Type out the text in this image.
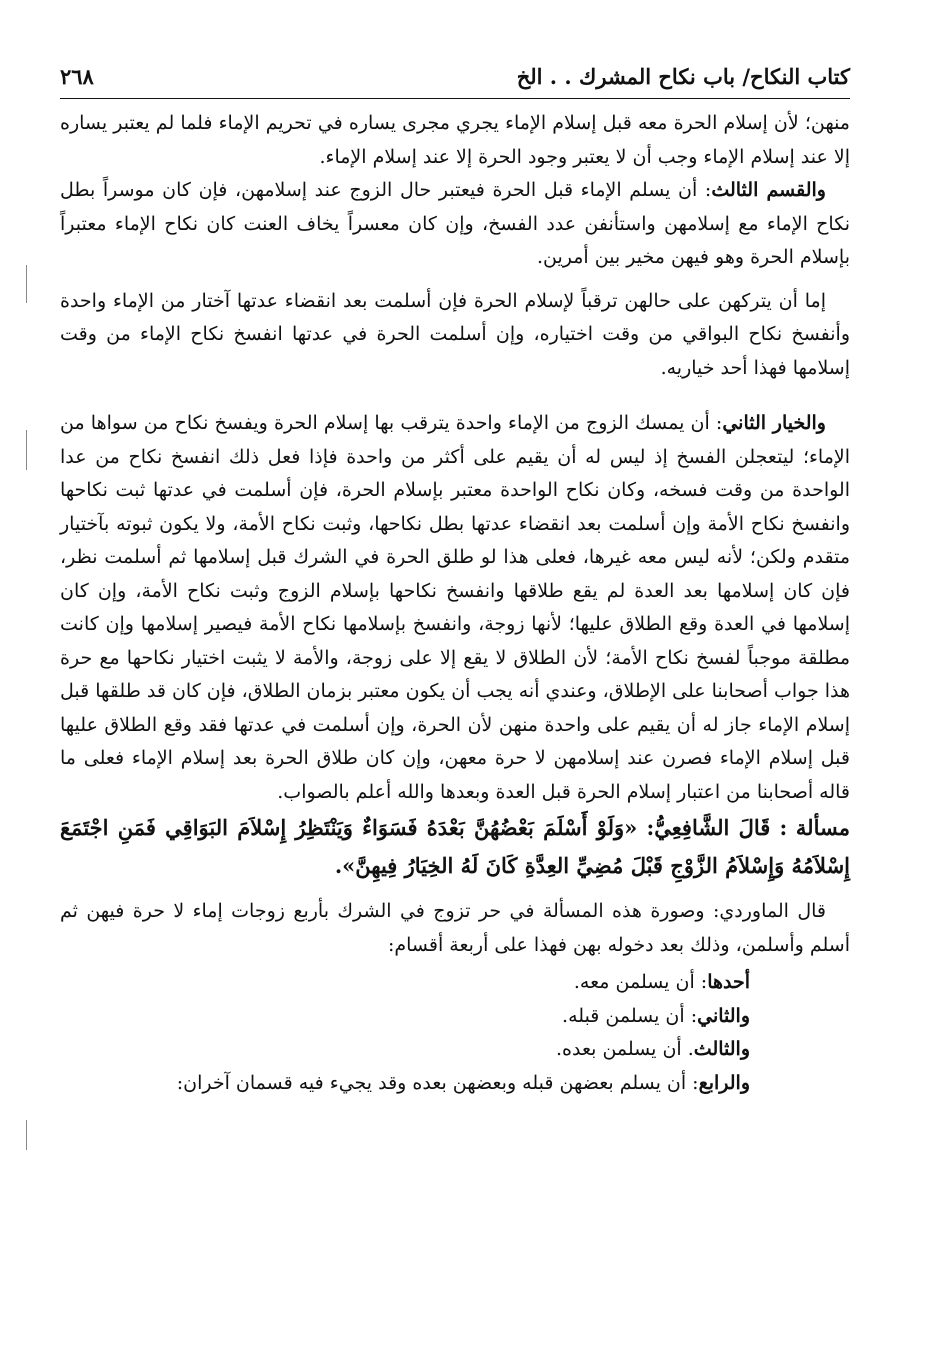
كتاب النكاح/ باب نكاح المشرك . . الخ
٢٦٨

منهن؛ لأن إسلام الحرة معه قبل إسلام الإماء يجري مجرى يساره في تحريم الإماء فلما لم يعتبر يساره إلا عند إسلام الإماء وجب أن لا يعتبر وجود الحرة إلا عند إسلام الإماء.

والقسم الثالث: أن يسلم الإماء قبل الحرة فيعتبر حال الزوج عند إسلامهن، فإن كان موسراً بطل نكاح الإماء مع إسلامهن واستأنفن عدد الفسخ، وإن كان معسراً يخاف العنت كان نكاح الإماء معتبراً بإسلام الحرة وهو فيهن مخير بين أمرين.

إما أن يتركهن على حالهن ترقباً لإسلام الحرة فإن أسلمت بعد انقضاء عدتها آختار من الإماء واحدة وأنفسخ نكاح البواقي من وقت اختياره، وإن أسلمت الحرة في عدتها انفسخ نكاح الإماء من وقت إسلامها فهذا أحد خياريه.

والخيار الثاني: أن يمسك الزوج من الإماء واحدة يترقب بها إسلام الحرة ويفسخ نكاح من سواها من الإماء؛ ليتعجلن الفسخ إذ ليس له أن يقيم على أكثر من واحدة فإذا فعل ذلك انفسخ نكاح من عدا الواحدة من وقت فسخه، وكان نكاح الواحدة معتبر بإسلام الحرة، فإن أسلمت في عدتها ثبت نكاحها وانفسخ نكاح الأمة وإن أسلمت بعد انقضاء عدتها بطل نكاحها، وثبت نكاح الأمة، ولا يكون ثبوته بآختيار متقدم ولكن؛ لأنه ليس معه غيرها، فعلى هذا لو طلق الحرة في الشرك قبل إسلامها ثم أسلمت نظر، فإن كان إسلامها بعد العدة لم يقع طلاقها وانفسخ نكاحها بإسلام الزوج وثبت نكاح الأمة، وإن كان إسلامها في العدة وقع الطلاق عليها؛ لأنها زوجة، وانفسخ بإسلامها نكاح الأمة فيصير إسلامها وإن كانت مطلقة موجباً لفسخ نكاح الأمة؛ لأن الطلاق لا يقع إلا على زوجة، والأمة لا يثبت اختيار نكاحها مع حرة هذا جواب أصحابنا على الإطلاق، وعندي أنه يجب أن يكون معتبر بزمان الطلاق، فإن كان قد طلقها قبل إسلام الإماء جاز له أن يقيم على واحدة منهن لأن الحرة، وإن أسلمت في عدتها فقد وقع الطلاق عليها قبل إسلام الإماء فصرن عند إسلامهن لا حرة معهن، وإن كان طلاق الحرة بعد إسلام الإماء فعلى ما قاله أصحابنا من اعتبار إسلام الحرة قبل العدة وبعدها والله أعلم بالصواب.

مسألة : قَالَ الشَّافِعِيُّ: «وَلَوْ أَسْلَمَ بَعْضُهُنَّ بَعْدَهُ فَسَوَاءٌ وَيَنْتَظِرُ إِسْلاَمَ البَوَاقِي فَمَنِ اجْتَمَعَ إِسْلاَمُهُ وَإِسْلاَمُ الزَّوْجِ قَبْلَ مُضِيِّ العِدَّةِ كَانَ لَهُ الخِيَارُ فِيهِنَّ».

قال الماوردي: وصورة هذه المسألة في حر تزوج في الشرك بأربع زوجات إماء لا حرة فيهن ثم أسلم وأسلمن، وذلك بعد دخوله بهن فهذا على أربعة أقسام:

أحدها: أن يسلمن معه.
والثاني: أن يسلمن قبله.
والثالث. أن يسلمن بعده.
والرابع: أن يسلم بعضهن قبله وبعضهن بعده وقد يجيء فيه قسمان آخران:
